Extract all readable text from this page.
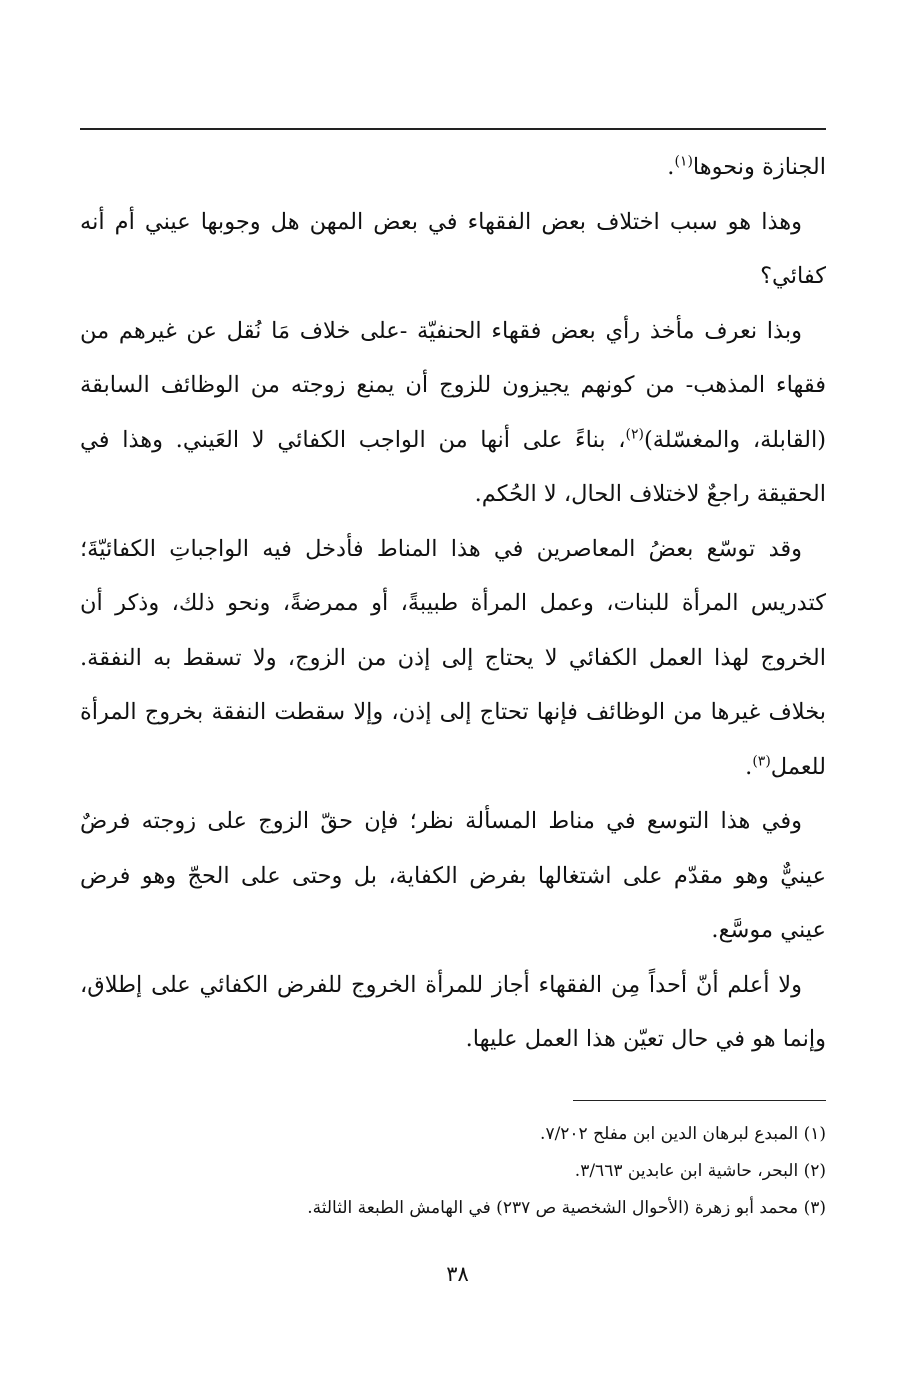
الجنازة ونحوها$^{(١)}$.

وهذا هو سبب اختلاف بعض الفقهاء في بعض المهن هل وجوبها عيني أم أنه كفائي؟

وبذا نعرف مأخذ رأي بعض فقهاء الحنفيّة -على خلاف مَا نُقل عن غيرهم من فقهاء المذهب- من كونهم يجيزون للزوج أن يمنع زوجته من الوظائف السابقة (القابلة، والمغسّلة)$^{(٢)}$، بناءً على أنها من الواجب الكفائي لا العَيني. وهذا في الحقيقة راجعٌ لاختلاف الحال، لا الحُكم.

وقد توسّع بعضُ المعاصرين في هذا المناط فأدخل فيه الواجباتِ الكفائيّةَ؛ كتدريس المرأة للبنات، وعمل المرأة طبيبةً، أو ممرضةً، ونحو ذلك، وذكر أن الخروج لهذا العمل الكفائي لا يحتاج إلى إذن من الزوج، ولا تسقط به النفقة. بخلاف غيرها من الوظائف فإنها تحتاج إلى إذن، وإلا سقطت النفقة بخروج المرأة للعمل$^{(٣)}$.

وفي هذا التوسع في مناط المسألة نظر؛ فإن حقّ الزوج على زوجته فرضٌ عينيٌّ وهو مقدّم على اشتغالها بفرض الكفاية، بل وحتى على الحجّ وهو فرض عيني موسَّع.

ولا أعلم أنّ أحداً مِن الفقهاء أجاز للمرأة الخروج للفرض الكفائي على إطلاق، وإنما هو في حال تعيّن هذا العمل عليها.

(١) المبدع لبرهان الدين ابن مفلح ٧/٢٠٢.

(٢) البحر، حاشية ابن عابدين ٣/٦٦٣.

(٣) محمد أبو زهرة (الأحوال الشخصية ص ٢٣٧) في الهامش الطبعة الثالثة.

٣٨
